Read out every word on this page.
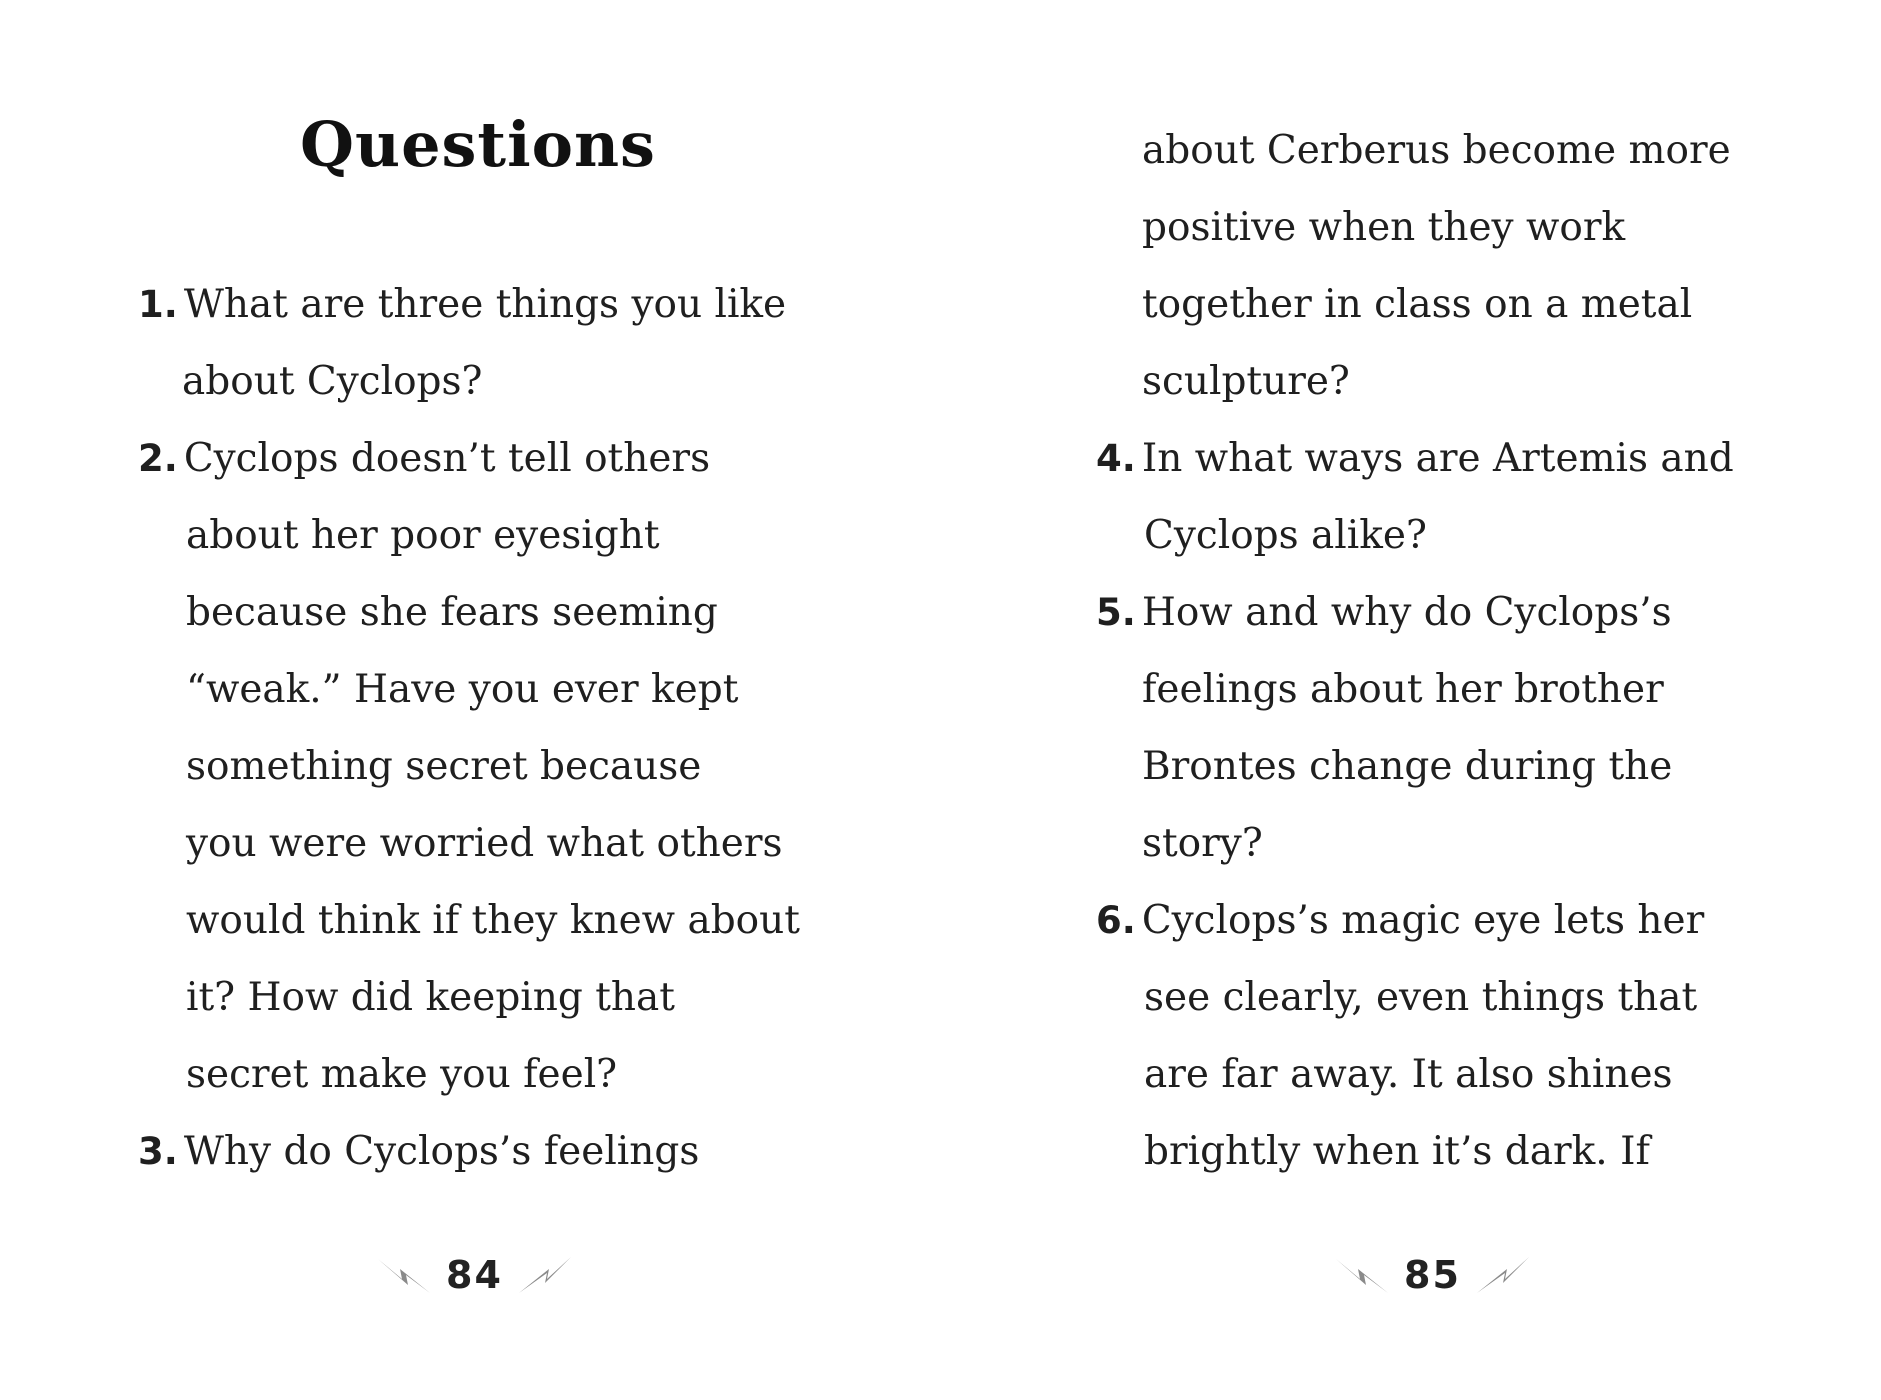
Questions
1. What are three things you like
about Cyclops?
2. Cyclops doesn’t tell others
about her poor eyesight
because she fears seeming
“weak.” Have you ever kept
something secret because
you were worried what others
would think if they knew about
it? How did keeping that
secret make you feel?
3. Why do Cyclops’s feelings
84
about Cerberus become more
positive when they work
together in class on a metal
sculpture?
4. In what ways are Artemis and
Cyclops alike?
5. How and why do Cyclops’s
feelings about her brother
Brontes change during the
story?
6. Cyclops’s magic eye lets her
see clearly, even things that
are far away. It also shines
brightly when it’s dark. If
85
